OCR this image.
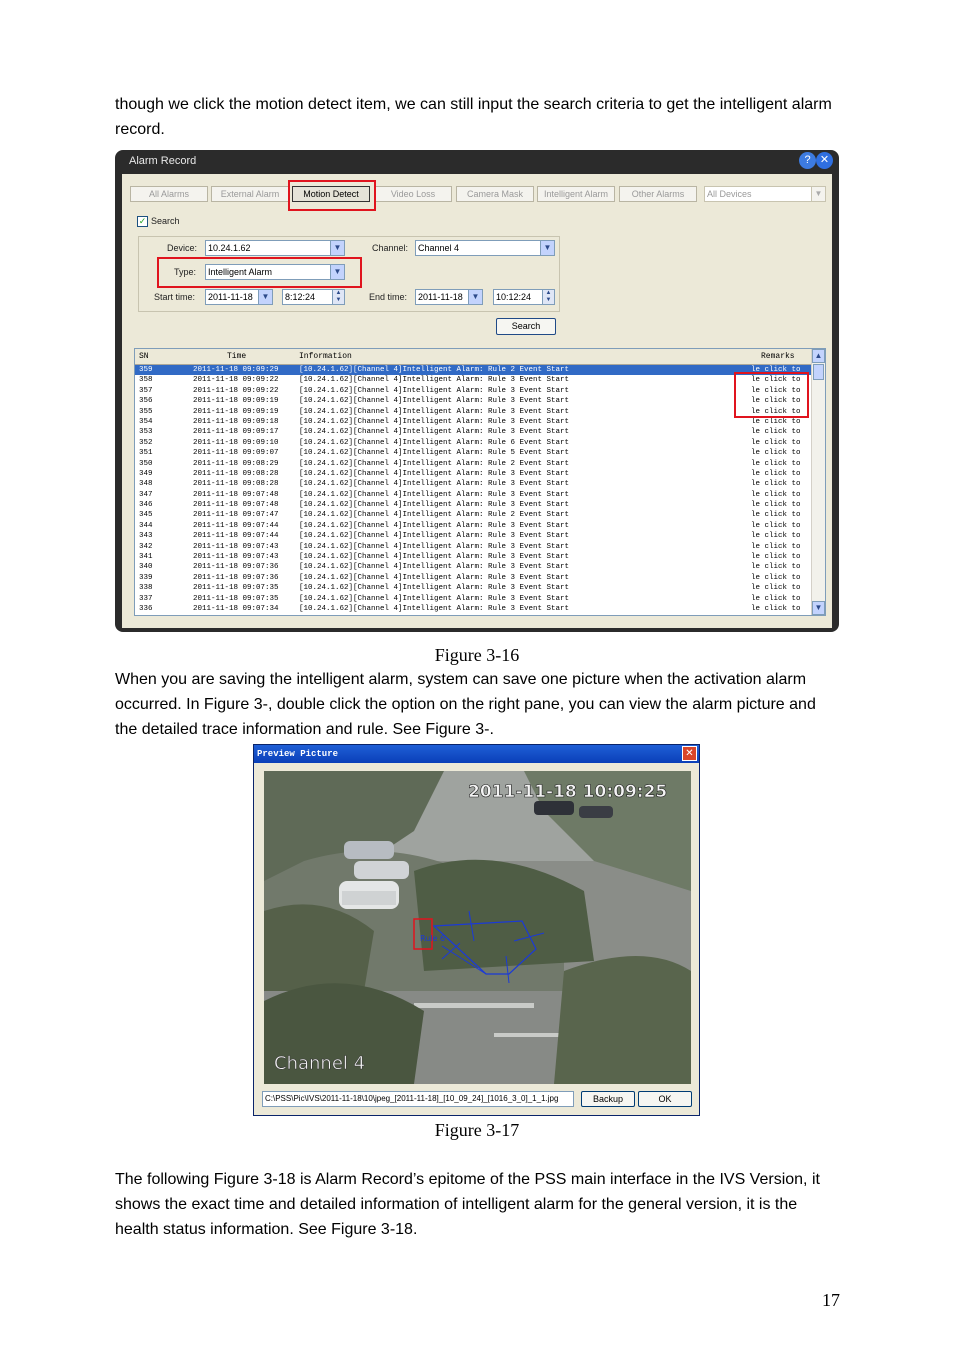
though we click the motion detect item, we can still input the search criteria to get the intelligent alarm record.

Alarm Record	? ✕
All Alarms	External Alarm	Motion Detect	Video Loss	Camera Mask	Intelligent Alarm	Other Alarms	All Devices	▼
✓ Search
Device:	10.24.1.62	▼	Channel:	Channel 4	▼
Type:	Intelligent Alarm	▼
Start time:	2011-11-18	▼	8:12:24	▲
▼	End time:	2011-11-18	▼	10:12:24	▲
▼
Search
SN	Time	Information	Remarks
359	2011-11-18 09:09:29	[10.24.1.62][Channel 4]Intelligent Alarm: Rule 2 Event Start	le click to
358	2011-11-18 09:09:22	[10.24.1.62][Channel 4]Intelligent Alarm: Rule 3 Event Start	le click to
357	2011-11-18 09:09:22	[10.24.1.62][Channel 4]Intelligent Alarm: Rule 3 Event Start	le click to
356	2011-11-18 09:09:19	[10.24.1.62][Channel 4]Intelligent Alarm: Rule 3 Event Start	le click to
355	2011-11-18 09:09:19	[10.24.1.62][Channel 4]Intelligent Alarm: Rule 3 Event Start	le click to
354	2011-11-18 09:09:18	[10.24.1.62][Channel 4]Intelligent Alarm: Rule 3 Event Start	le click to
353	2011-11-18 09:09:17	[10.24.1.62][Channel 4]Intelligent Alarm: Rule 3 Event Start	le click to
352	2011-11-18 09:09:10	[10.24.1.62][Channel 4]Intelligent Alarm: Rule 6 Event Start	le click to
351	2011-11-18 09:09:07	[10.24.1.62][Channel 4]Intelligent Alarm: Rule 5 Event Start	le click to
350	2011-11-18 09:08:29	[10.24.1.62][Channel 4]Intelligent Alarm: Rule 2 Event Start	le click to
349	2011-11-18 09:08:28	[10.24.1.62][Channel 4]Intelligent Alarm: Rule 3 Event Start	le click to
348	2011-11-18 09:08:28	[10.24.1.62][Channel 4]Intelligent Alarm: Rule 3 Event Start	le click to
347	2011-11-18 09:07:48	[10.24.1.62][Channel 4]Intelligent Alarm: Rule 3 Event Start	le click to
346	2011-11-18 09:07:48	[10.24.1.62][Channel 4]Intelligent Alarm: Rule 3 Event Start	le click to
345	2011-11-18 09:07:47	[10.24.1.62][Channel 4]Intelligent Alarm: Rule 2 Event Start	le click to
344	2011-11-18 09:07:44	[10.24.1.62][Channel 4]Intelligent Alarm: Rule 3 Event Start	le click to
343	2011-11-18 09:07:44	[10.24.1.62][Channel 4]Intelligent Alarm: Rule 3 Event Start	le click to
342	2011-11-18 09:07:43	[10.24.1.62][Channel 4]Intelligent Alarm: Rule 3 Event Start	le click to
341	2011-11-18 09:07:43	[10.24.1.62][Channel 4]Intelligent Alarm: Rule 3 Event Start	le click to
340	2011-11-18 09:07:36	[10.24.1.62][Channel 4]Intelligent Alarm: Rule 3 Event Start	le click to
339	2011-11-18 09:07:36	[10.24.1.62][Channel 4]Intelligent Alarm: Rule 3 Event Start	le click to
338	2011-11-18 09:07:35	[10.24.1.62][Channel 4]Intelligent Alarm: Rule 3 Event Start	le click to
337	2011-11-18 09:07:35	[10.24.1.62][Channel 4]Intelligent Alarm: Rule 3 Event Start	le click to
336	2011-11-18 09:07:34	[10.24.1.62][Channel 4]Intelligent Alarm: Rule 3 Event Start	le click to
▲
▼
Figure 3-16

When you are saving the intelligent alarm, system can save one picture when the activation alarm occurred. In Figure 3-, double click the option on the right pane, you can view the alarm picture and the detailed trace information and rule. See Figure 3-.

Preview Picture	✕
2011-11-18 10:09:25
Channel 4
Rule 6
C:\PSS\Pic\IVS\2011-11-18\10\jpeg_[2011-11-18]_[10_09_24]_[1016_3_0]_1_1.jpg	Backup	OK
Figure 3-17

The following Figure 3-18 is Alarm Record’s epitome of the PSS main interface in the IVS Version, it shows the exact time and detailed information of intelligent alarm for the general version, it is the health status information. See Figure 3-18.

17
